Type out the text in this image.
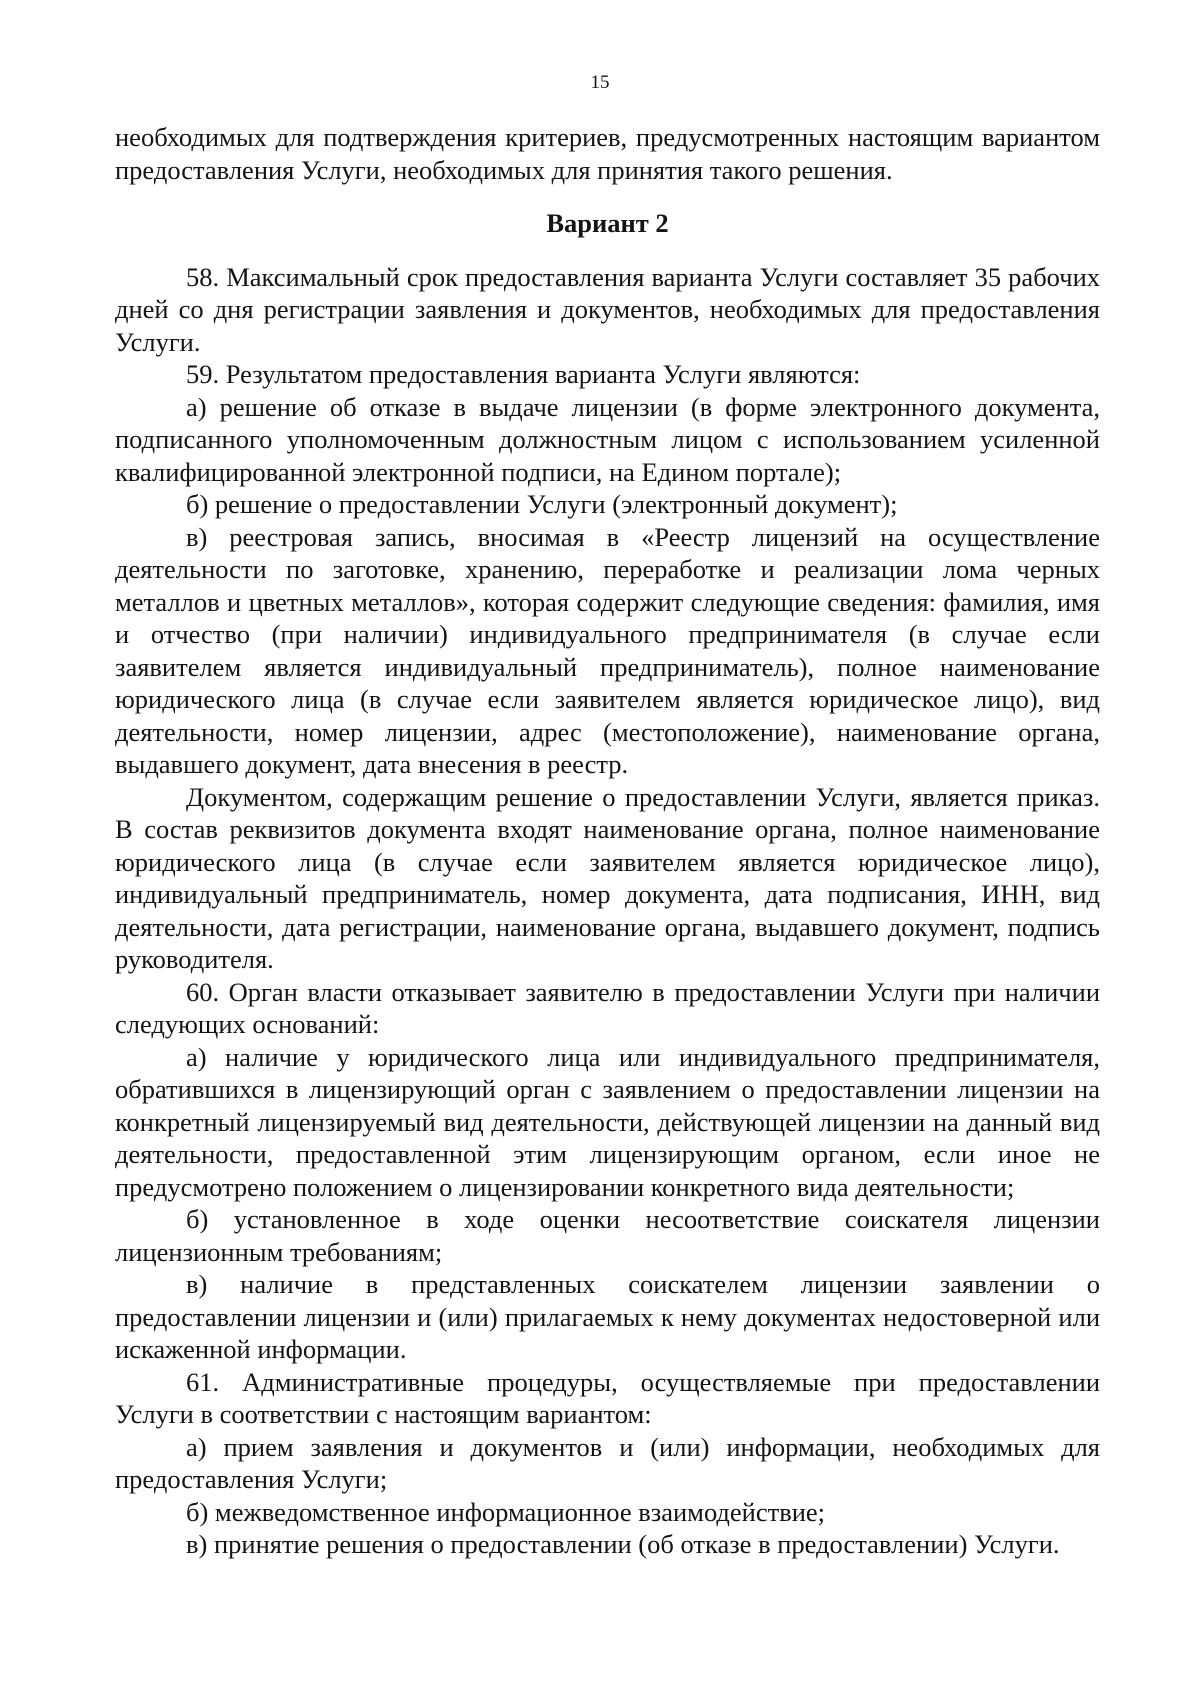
15

необходимых для подтверждения критериев, предусмотренных настоящим вариантом предоставления Услуги, необходимых для принятия такого решения.

Вариант 2

58. Максимальный срок предоставления варианта Услуги составляет 35 рабочих дней со дня регистрации заявления и документов, необходимых для предоставления Услуги.

59. Результатом предоставления варианта Услуги являются:

а) решение об отказе в выдаче лицензии (в форме электронного документа, подписанного уполномоченным должностным лицом с использованием усиленной квалифицированной электронной подписи, на Едином портале);

б) решение о предоставлении Услуги (электронный документ);

в) реестровая запись, вносимая в «Реестр лицензий на осуществление деятельности по заготовке, хранению, переработке и реализации лома черных металлов и цветных металлов», которая содержит следующие сведения: фамилия, имя и отчество (при наличии) индивидуального предпринимателя (в случае если заявителем является индивидуальный предприниматель), полное наименование юридического лица (в случае если заявителем является юридическое лицо), вид деятельности, номер лицензии, адрес (местоположение), наименование органа, выдавшего документ, дата внесения в реестр.

Документом, содержащим решение о предоставлении Услуги, является приказ. В состав реквизитов документа входят наименование органа, полное наименование юридического лица (в случае если заявителем является юридическое лицо), индивидуальный предприниматель, номер документа, дата подписания, ИНН, вид деятельности, дата регистрации, наименование органа, выдавшего документ, подпись руководителя.

60. Орган власти отказывает заявителю в предоставлении Услуги при наличии следующих оснований:

а) наличие у юридического лица или индивидуального предпринимателя, обратившихся в лицензирующий орган с заявлением о предоставлении лицензии на конкретный лицензируемый вид деятельности, действующей лицензии на данный вид деятельности, предоставленной этим лицензирующим органом, если иное не предусмотрено положением о лицензировании конкретного вида деятельности;

б) установленное в ходе оценки несоответствие соискателя лицензии лицензионным требованиям;

в) наличие в представленных соискателем лицензии заявлении о предоставлении лицензии и (или) прилагаемых к нему документах недостоверной или искаженной информации.

61. Административные процедуры, осуществляемые при предоставлении Услуги в соответствии с настоящим вариантом:

а) прием заявления и документов и (или) информации, необходимых для предоставления Услуги;

б) межведомственное информационное взаимодействие;

в) принятие решения о предоставлении (об отказе в предоставлении) Услуги.
